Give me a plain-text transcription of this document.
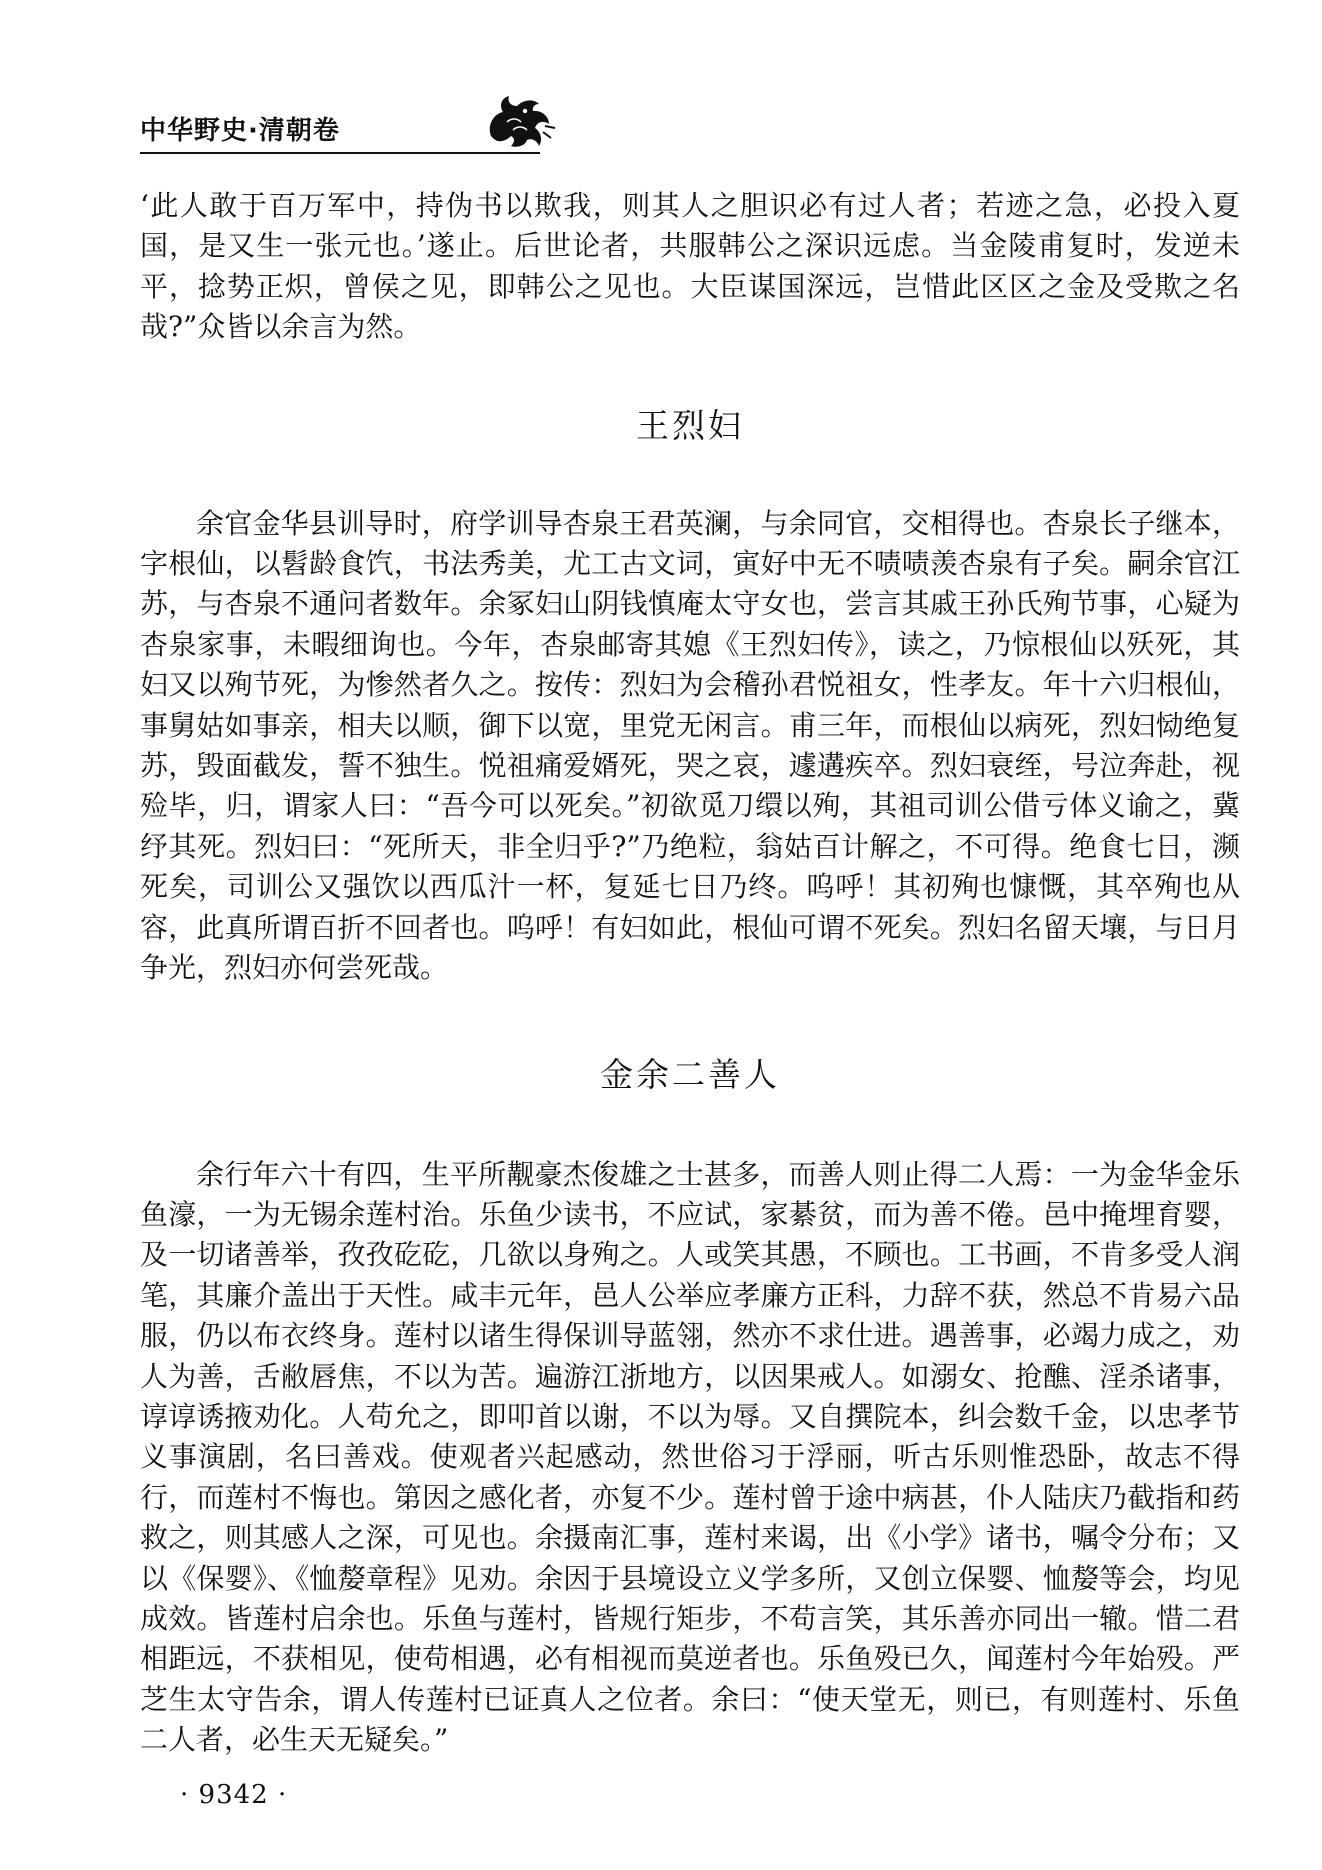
中华野史·清朝卷

‘此人敢于百万军中，持伪书以欺我，则其人之胆识必有过人者；若迹之急，必投入夏国，是又生一张元也。’遂止。后世论者，共服韩公之深识远虑。当金陵甫复时，发逆未平，捻势正炽，曾侯之见，即韩公之见也。大臣谋国深远，岂惜此区区之金及受欺之名哉?”众皆以余言为然。

王烈妇

余官金华县训导时，府学训导杏泉王君英澜，与余同官，交相得也。杏泉长子继本，字根仙，以髫龄食饩，书法秀美，尤工古文词，寅好中无不啧啧羡杏泉有子矣。嗣余官江苏，与杏泉不通问者数年。余冢妇山阴钱慎庵太守女也，尝言其戚王孙氏殉节事，心疑为杏泉家事，未暇细询也。今年，杏泉邮寄其媳《王烈妇传》，读之，乃惊根仙以殀死，其妇又以殉节死，为惨然者久之。按传：烈妇为会稽孙君悦祖女，性孝友。年十六归根仙，事舅姑如事亲，相夫以顺，御下以宽，里党无闲言。甫三年，而根仙以病死，烈妇恸绝复苏，毁面截发，誓不独生。悦祖痛爱婿死，哭之哀，遽遘疾卒。烈妇衰绖，号泣奔赴，视殓毕，归，谓家人曰：“吾今可以死矣。”初欲觅刀缳以殉，其祖司训公借亏体义谕之，冀纾其死。烈妇曰：“死所天，非全归乎?”乃绝粒，翁姑百计解之，不可得。绝食七日，濒死矣，司训公又强饮以西瓜汁一杯，复延七日乃终。呜呼！其初殉也慷慨，其卒殉也从容，此真所谓百折不回者也。呜呼！有妇如此，根仙可谓不死矣。烈妇名留天壤，与日月争光，烈妇亦何尝死哉。

金余二善人

余行年六十有四，生平所觏豪杰俊雄之士甚多，而善人则止得二人焉：一为金华金乐鱼濠，一为无锡余莲村治。乐鱼少读书，不应试，家綦贫，而为善不倦。邑中掩埋育婴，及一切诸善举，孜孜矻矻，几欲以身殉之。人或笑其愚，不顾也。工书画，不肯多受人润笔，其廉介盖出于天性。咸丰元年，邑人公举应孝廉方正科，力辞不获，然总不肯易六品服，仍以布衣终身。莲村以诸生得保训导蓝翎，然亦不求仕进。遇善事，必竭力成之，劝人为善，舌敝唇焦，不以为苦。遍游江浙地方，以因果戒人。如溺女、抢醮、淫杀诸事，谆谆诱掖劝化。人苟允之，即叩首以谢，不以为辱。又自撰院本，纠会数千金，以忠孝节义事演剧，名曰善戏。使观者兴起感动，然世俗习于浮丽，听古乐则惟恐卧，故志不得行，而莲村不悔也。第因之感化者，亦复不少。莲村曾于途中病甚，仆人陆庆乃截指和药救之，则其感人之深，可见也。余摄南汇事，莲村来谒，出《小学》诸书，嘱令分布；又以《保婴》、《恤嫠章程》见劝。余因于县境设立义学多所，又创立保婴、恤嫠等会，均见成效。皆莲村启余也。乐鱼与莲村，皆规行矩步，不苟言笑，其乐善亦同出一辙。惜二君相距远，不获相见，使苟相遇，必有相视而莫逆者也。乐鱼殁已久，闻莲村今年始殁。严芝生太守告余，谓人传莲村已证真人之位者。余曰：“使天堂无，则已，有则莲村、乐鱼二人者，必生天无疑矣。”

· 9342 ·
